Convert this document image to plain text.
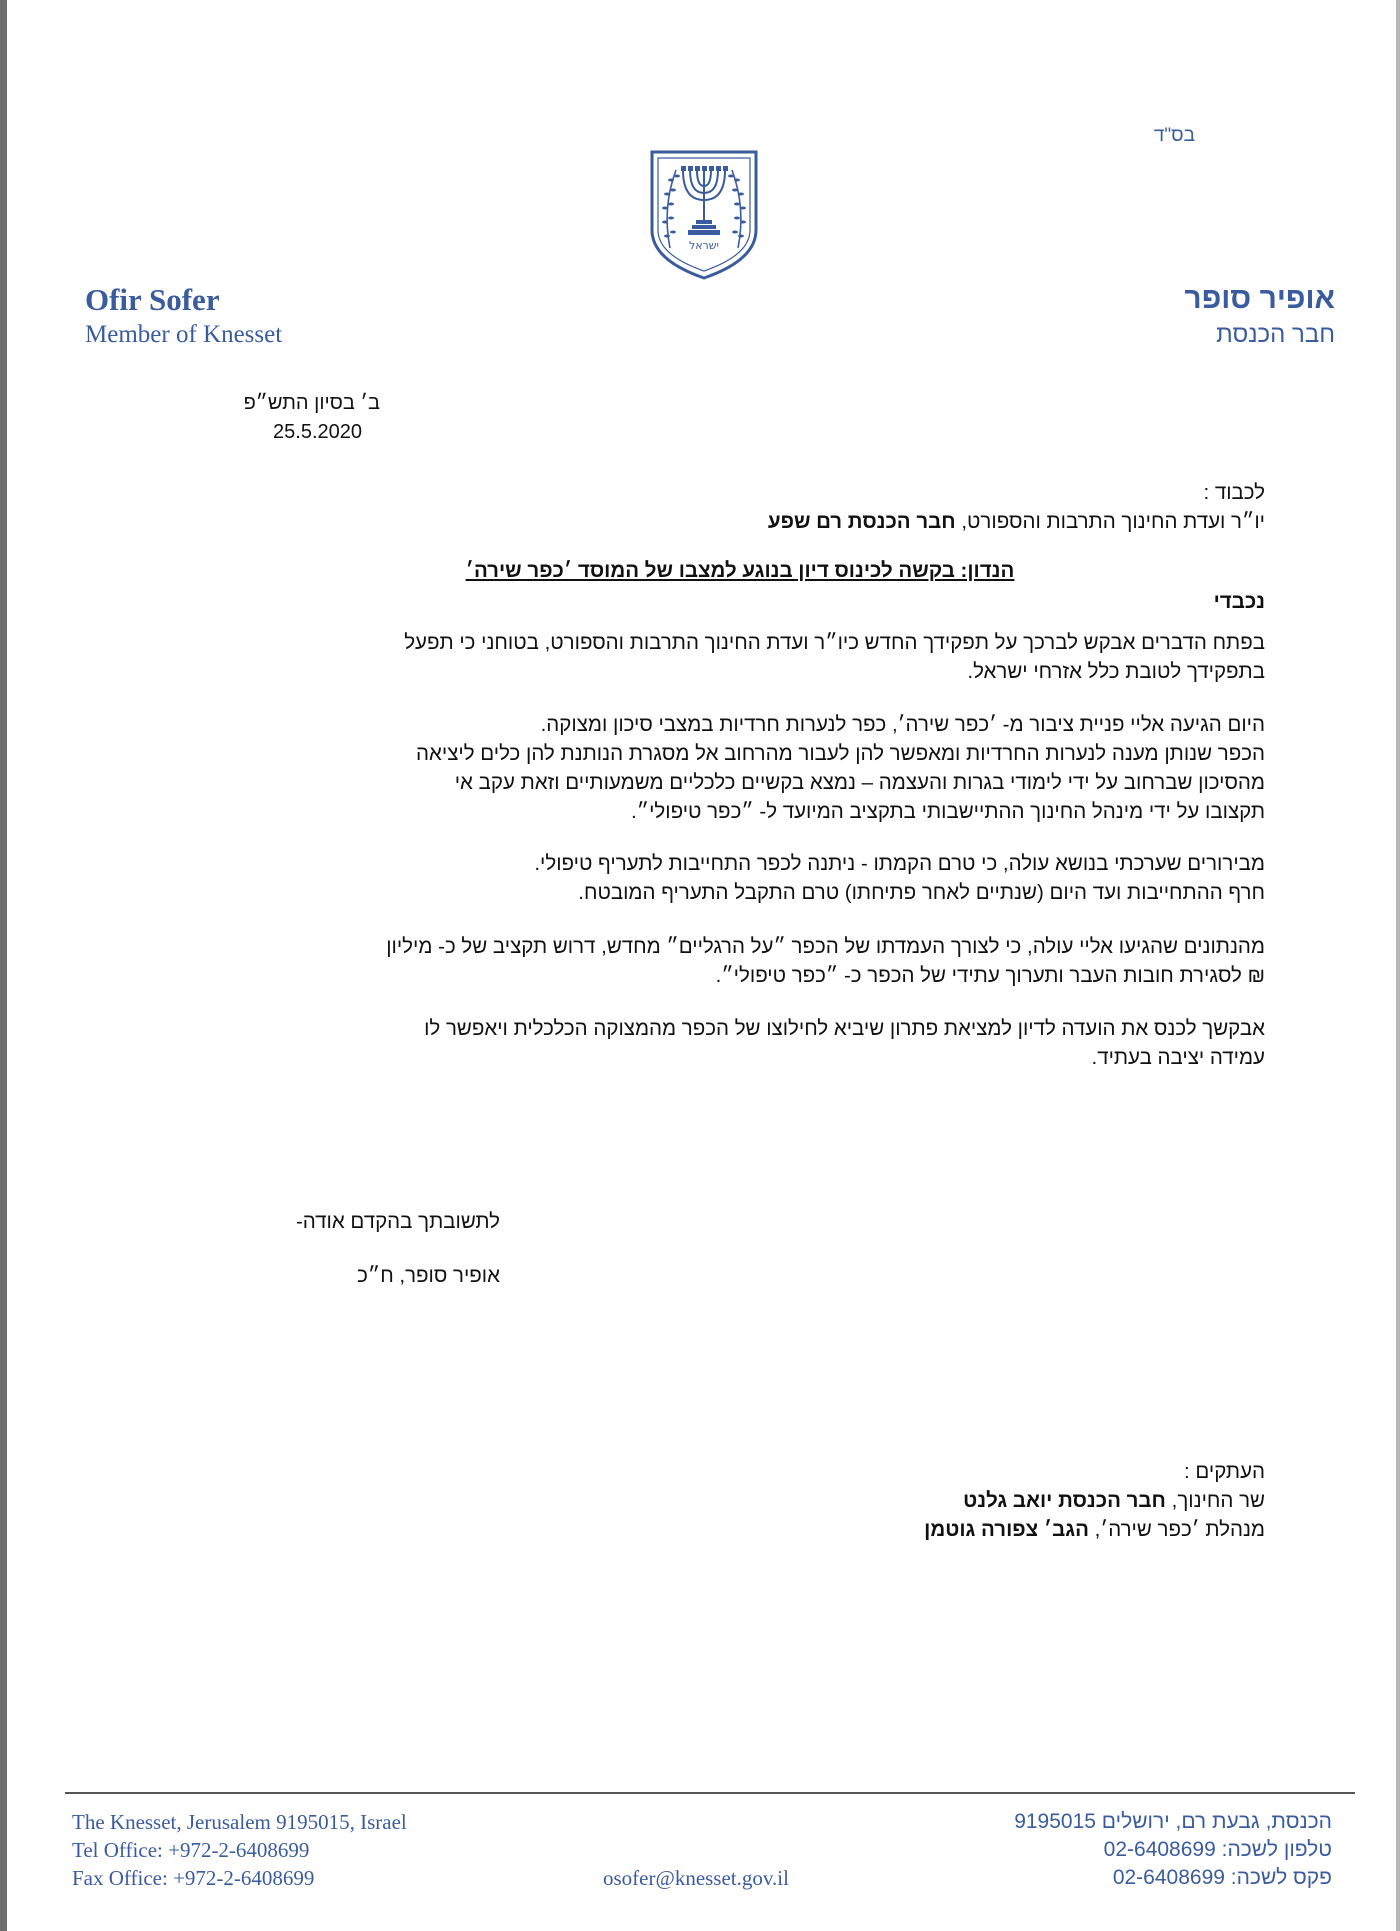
בס"ד
ישראל
Ofir Sofer
Member of Knesset
אופיר סופר
חבר הכנסת
ב׳ בסיון התש״פ
25.5.2020

לכבוד :

יו״ר ועדת החינוך התרבות והספורט, חבר הכנסת רם שפע

הנדון: בקשה לכינוס דיון בנוגע למצבו של המוסד ׳כפר שירה׳
נכבדי

בפתח הדברים אבקש לברכך על תפקידך החדש כיו״ר ועדת החינוך התרבות והספורט, בטוחני כי תפעל

בתפקידך לטובת כלל אזרחי ישראל.

היום הגיעה אליי פניית ציבור מ- ׳כפר שירה׳, כפר לנערות חרדיות במצבי סיכון ומצוקה.

הכפר שנותן מענה לנערות החרדיות ומאפשר להן לעבור מהרחוב אל מסגרת הנותנת להן כלים ליציאה

מהסיכון שברחוב על ידי לימודי בגרות והעצמה – נמצא בקשיים כלכליים משמעותיים וזאת עקב אי

תקצובו על ידי מינהל החינוך ההתיישבותי בתקציב המיועד ל- ״כפר טיפולי״.

מבירורים שערכתי בנושא עולה, כי טרם הקמתו - ניתנה לכפר התחייבות לתעריף טיפולי.

חרף ההתחייבות ועד היום (שנתיים לאחר פתיחתו) טרם התקבל התעריף המובטח.

מהנתונים שהגיעו אליי עולה, כי לצורך העמדתו של הכפר ״על הרגליים״ מחדש, דרוש תקציב של כ- מיליון

₪ לסגירת חובות העבר ותערוך עתידי של הכפר כ- ״כפר טיפולי״.

אבקשך לכנס את הועדה לדיון למציאת פתרון שיביא לחילוצו של הכפר מהמצוקה הכלכלית ויאפשר לו

עמידה יציבה בעתיד.

לתשובתך בהקדם אודה-
אופיר סופר, ח״כ

העתקים :

שר החינוך, חבר הכנסת יואב גלנט

מנהלת ׳כפר שירה׳, הגב׳ צפורה גוטמן

The Knesset, Jerusalem 9195015, Israel
Tel Office: +972-2-6408699
Fax Office: +972-2-6408699	osofer@knesset.gov.il
הכנסת, גבעת רם, ירושלים 9195015
טלפון לשכה: 02-6408699
פקס לשכה: 02-6408699
